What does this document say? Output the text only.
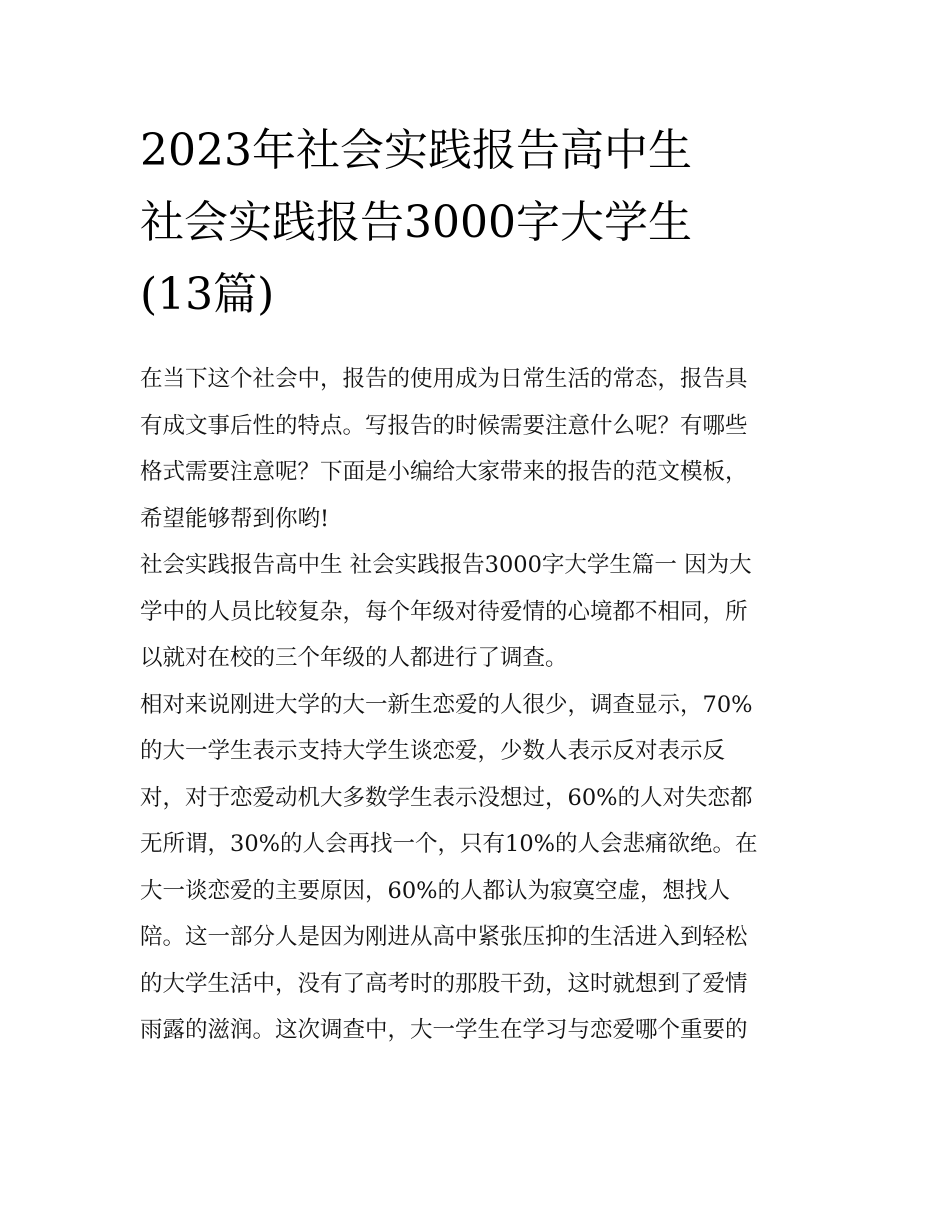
2023年社会实践报告高中生
社会实践报告3000字大学生
(13篇)
在当下这个社会中，报告的使用成为日常生活的常态，报告具
有成文事后性的特点。写报告的时候需要注意什么呢？有哪些
格式需要注意呢？下面是小编给大家带来的报告的范文模板，
希望能够帮到你哟!
社会实践报告高中生 社会实践报告3000字大学生篇一 因为大
学中的人员比较复杂，每个年级对待爱情的心境都不相同，所
以就对在校的三个年级的人都进行了调查。
相对来说刚进大学的大一新生恋爱的人很少，调查显示，70%
的大一学生表示支持大学生谈恋爱，少数人表示反对表示反
对，对于恋爱动机大多数学生表示没想过，60%的人对失恋都
无所谓，30%的人会再找一个，只有10%的人会悲痛欲绝。在
大一谈恋爱的主要原因，60%的人都认为寂寞空虚，想找人
陪。这一部分人是因为刚进从高中紧张压抑的生活进入到轻松
的大学生活中，没有了高考时的那股干劲，这时就想到了爱情
雨露的滋润。这次调查中，大一学生在学习与恋爱哪个重要的
